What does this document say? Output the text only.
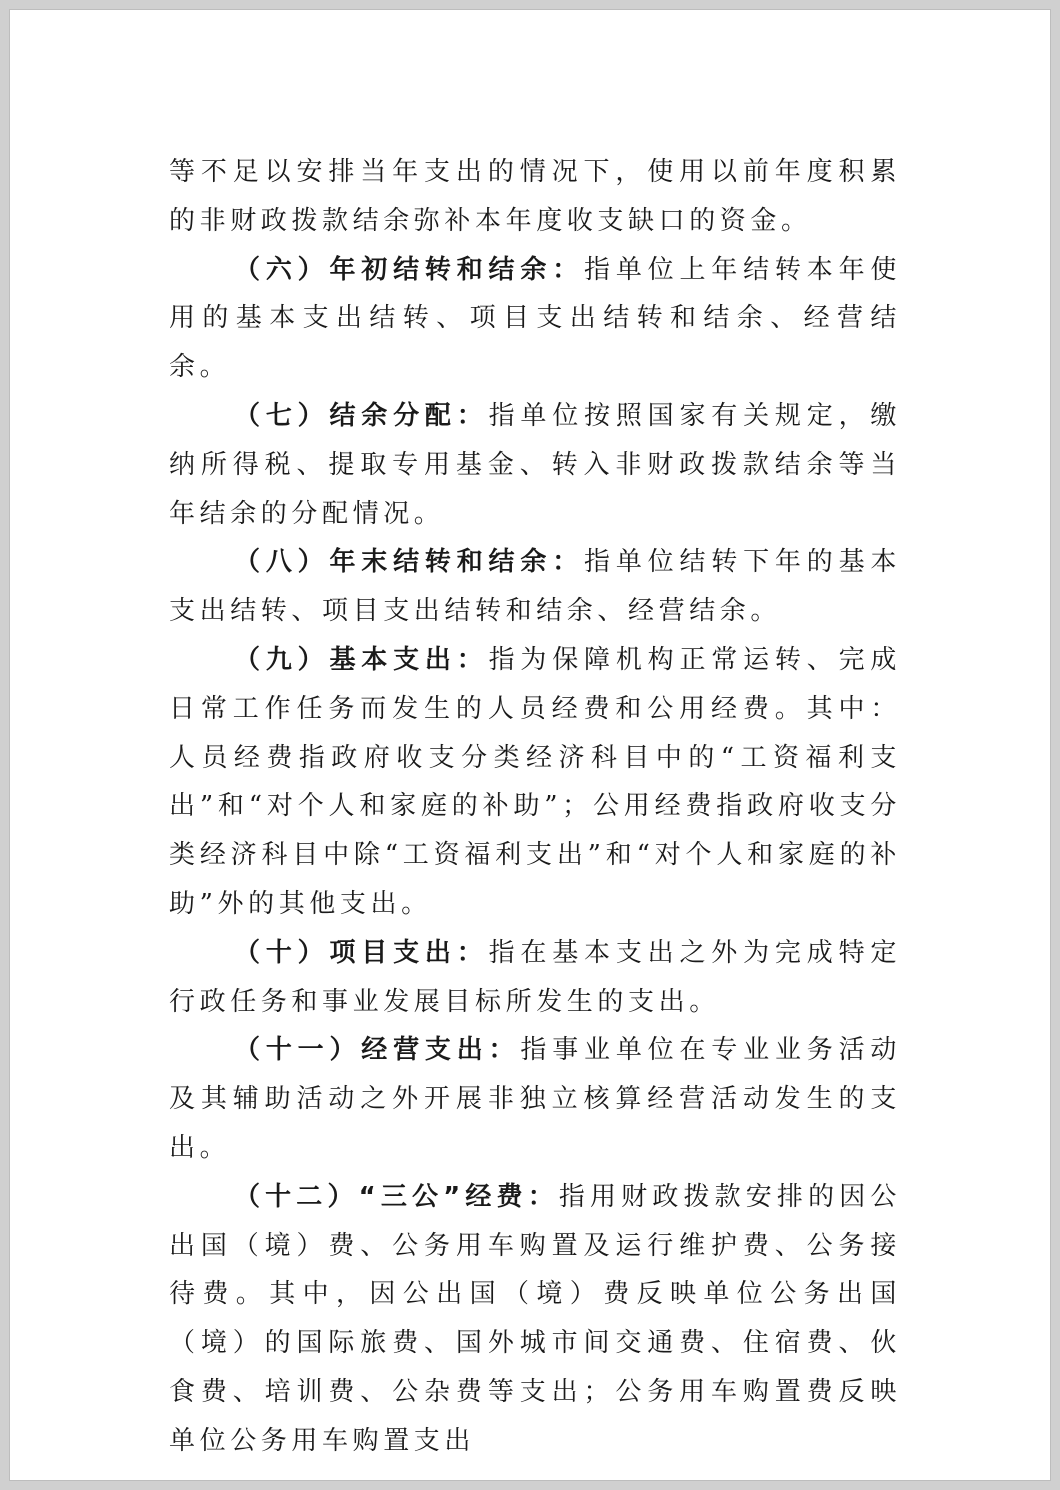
等不足以安排当年支出的情况下，使用以前年度积累的非财政拨款结余弥补本年度收支缺口的资金。

（六）年初结转和结余：指单位上年结转本年使用的基本支出结转、项目支出结转和结余、经营结余。

（七）结余分配：指单位按照国家有关规定，缴纳所得税、提取专用基金、转入非财政拨款结余等当年结余的分配情况。

（八）年末结转和结余：指单位结转下年的基本支出结转、项目支出结转和结余、经营结余。

（九）基本支出：指为保障机构正常运转、完成日常工作任务而发生的人员经费和公用经费。其中：人员经费指政府收支分类经济科目中的“工资福利支出”和“对个人和家庭的补助”；公用经费指政府收支分类经济科目中除“工资福利支出”和“对个人和家庭的补助”外的其他支出。

（十）项目支出：指在基本支出之外为完成特定行政任务和事业发展目标所发生的支出。

（十一）经营支出：指事业单位在专业业务活动及其辅助活动之外开展非独立核算经营活动发生的支出。

（十二）“三公”经费：指用财政拨款安排的因公出国（境）费、公务用车购置及运行维护费、公务接待费。其中，因公出国（境）费反映单位公务出国（境）的国际旅费、国外城市间交通费、住宿费、伙食费、培训费、公杂费等支出；公务用车购置费反映单位公务用车购置支出
